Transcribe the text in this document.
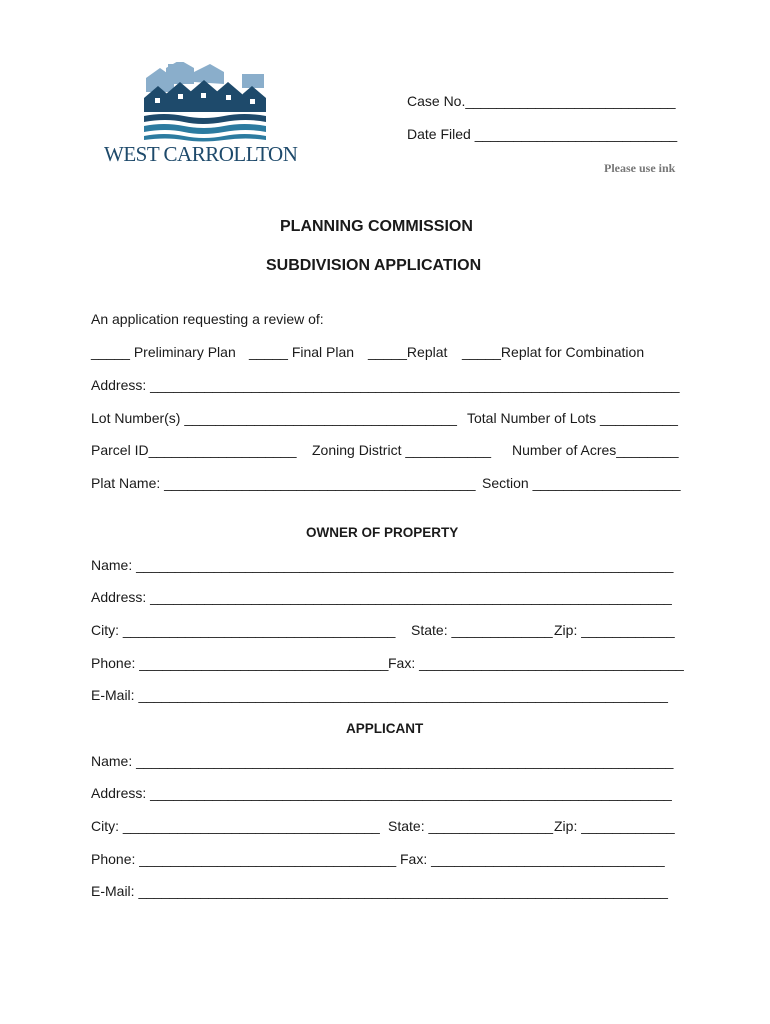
WEST CARROLLTON
Case No.___________________________
Date Filed __________________________
Please use ink
PLANNING COMMISSION
SUBDIVISION APPLICATION
An application requesting a review of:
_____ Preliminary Plan _____ Final Plan _____Replat _____Replat for Combination
Address: ____________________________________________________________________
Lot Number(s) ___________________________________ Total Number of Lots __________
Parcel ID___________________ Zoning District ___________ Number of Acres________
Plat Name: ________________________________________ Section ___________________
OWNER OF PROPERTY
Name: _____________________________________________________________________
Address: ___________________________________________________________________
City: ___________________________________ State: _____________ Zip: ____________
Phone: ________________________________ Fax: __________________________________
E-Mail: ____________________________________________________________________
APPLICANT
Name: _____________________________________________________________________
Address: ___________________________________________________________________
City: _________________________________ State: ________________ Zip: ____________
Phone: _________________________________ Fax: ______________________________
E-Mail: ____________________________________________________________________
